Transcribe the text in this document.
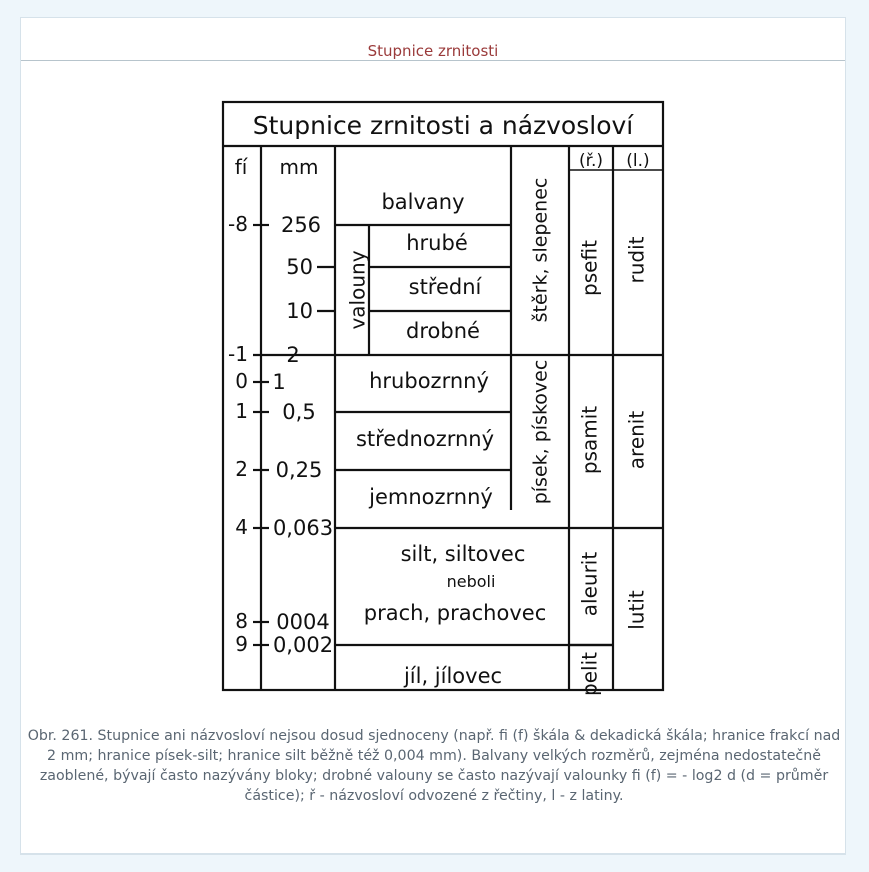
Stupnice zrnitosti
Stupnice zrnitosti a názvosloví
fí mm	(ř.) (l.)
-8
-1
0
1
2
4
8
9
256
50
10
2
1
0,5
0,25
0,063
0004
0,002
balvany
valouny
hrubé
střední
drobné
hrubozrnný
střednozrnný
jemnozrnný
silt, siltovec
neboli
prach, prachovec
jíl, jílovec
štěrk, slepenec
písek, pískovec
psefit
psamit
aleurit
pelit
rudit
arenit
lutit
Obr. 261. Stupnice ani názvosloví nejsou dosud sjednoceny (např. fi (f) škála & dekadická škála; hranice frakcí nad 2 mm; hranice písek-silt; hranice silt běžně též 0,004 mm). Balvany velkých rozměrů, zejména nedostatečně zaoblené, bývají často nazývány bloky; drobné valouny se často nazývají valounky fi (f) = - log2 d (d = průměr částice); ř - názvosloví odvozené z řečtiny, l - z latiny.
